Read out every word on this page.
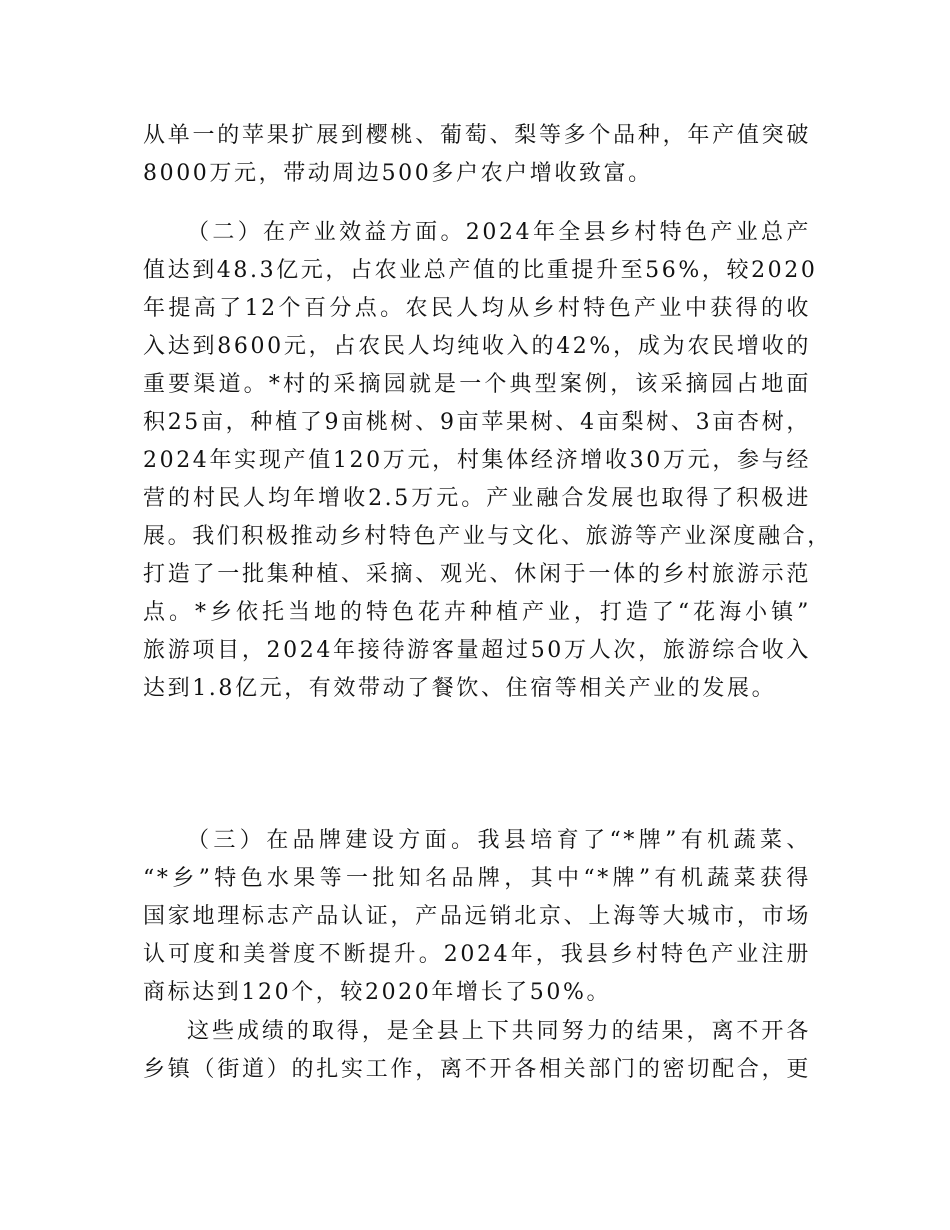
从单一的苹果扩展到樱桃、葡萄、梨等多个品种，年产值突破
8000万元，带动周边500多户农户增收致富。
（二）在产业效益方面。2024年全县乡村特色产业总产
值达到48.3亿元，占农业总产值的比重提升至56%，较2020
年提高了12个百分点。农民人均从乡村特色产业中获得的收
入达到8600元，占农民人均纯收入的42%，成为农民增收的
重要渠道。*村的采摘园就是一个典型案例，该采摘园占地面
积25亩，种植了9亩桃树、9亩苹果树、4亩梨树、3亩杏树，
2024年实现产值120万元，村集体经济增收30万元，参与经
营的村民人均年增收2.5万元。产业融合发展也取得了积极进
展。我们积极推动乡村特色产业与文化、旅游等产业深度融合，
打造了一批集种植、采摘、观光、休闲于一体的乡村旅游示范
点。*乡依托当地的特色花卉种植产业，打造了“花海小镇”
旅游项目，2024年接待游客量超过50万人次，旅游综合收入
达到1.8亿元，有效带动了餐饮、住宿等相关产业的发展。
（三）在品牌建设方面。我县培育了“*牌”有机蔬菜、
“*乡”特色水果等一批知名品牌，其中“*牌”有机蔬菜获得
国家地理标志产品认证，产品远销北京、上海等大城市，市场
认可度和美誉度不断提升。2024年，我县乡村特色产业注册
商标达到120个，较2020年增长了50%。
这些成绩的取得，是全县上下共同努力的结果，离不开各
乡镇（街道）的扎实工作，离不开各相关部门的密切配合，更
